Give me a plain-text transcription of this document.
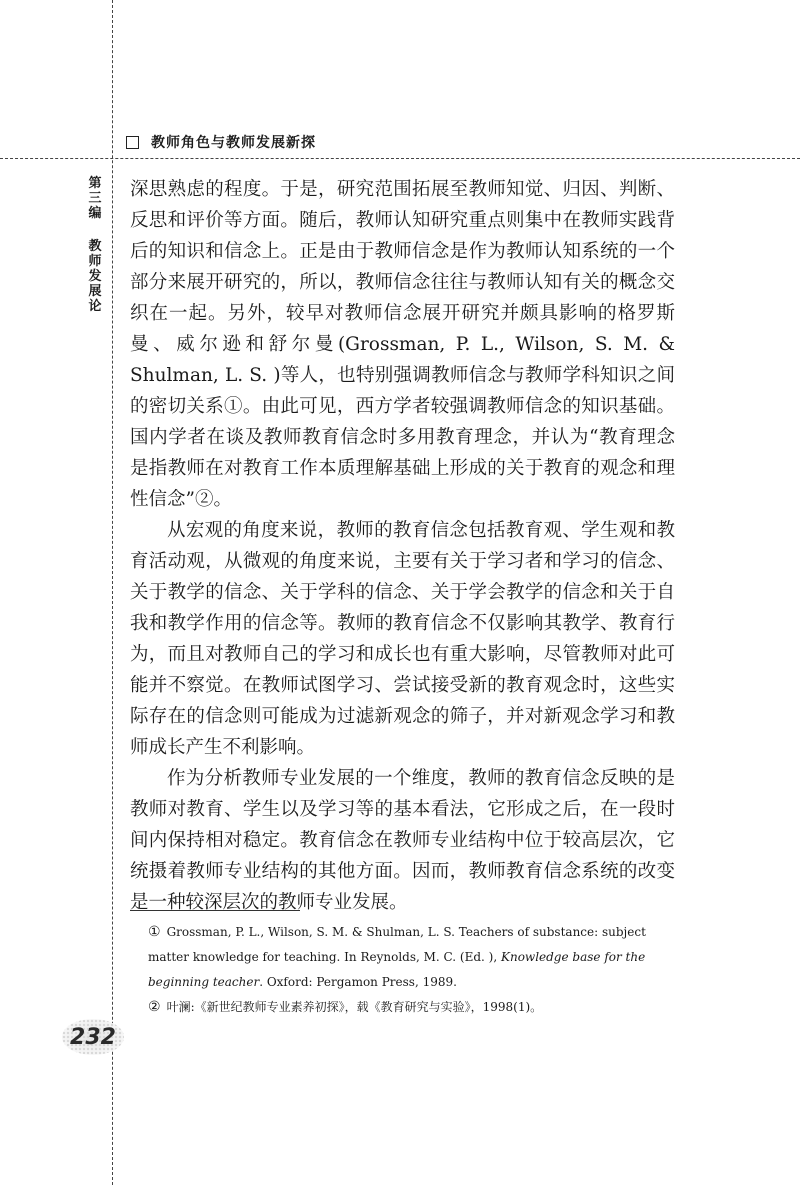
教师角色与教师发展新探
第三编
教师发展论

深思熟虑的程度。于是，研究范围拓展至教师知觉、归因、判断、反思和评价等方面。随后，教师认知研究重点则集中在教师实践背后的知识和信念上。正是由于教师信念是作为教师认知系统的一个部分来展开研究的，所以，教师信念往往与教师认知有关的概念交织在一起。另外，较早对教师信念展开研究并颇具影响的格罗斯曼、威尔逊和舒尔曼(Grossman, P. L., Wilson, S. M. & Shulman, L. S. )等人，也特别强调教师信念与教师学科知识之间的密切关系①。由此可见，西方学者较强调教师信念的知识基础。国内学者在谈及教师教育信念时多用教育理念，并认为“教育理念是指教师在对教育工作本质理解基础上形成的关于教育的观念和理性信念”②。

从宏观的角度来说，教师的教育信念包括教育观、学生观和教育活动观，从微观的角度来说，主要有关于学习者和学习的信念、关于教学的信念、关于学科的信念、关于学会教学的信念和关于自我和教学作用的信念等。教师的教育信念不仅影响其教学、教育行为，而且对教师自己的学习和成长也有重大影响，尽管教师对此可能并不察觉。在教师试图学习、尝试接受新的教育观念时，这些实际存在的信念则可能成为过滤新观念的筛子，并对新观念学习和教师成长产生不利影响。

作为分析教师专业发展的一个维度，教师的教育信念反映的是教师对教育、学生以及学习等的基本看法，它形成之后，在一段时间内保持相对稳定。教育信念在教师专业结构中位于较高层次，它统摄着教师专业结构的其他方面。因而，教师教育信念系统的改变是一种较深层次的教师专业发展。

① Grossman, P. L., Wilson, S. M. & Shulman, L. S. Teachers of substance: subject matter knowledge for teaching. In Reynolds, M. C. (Ed. ), Knowledge base for the beginning teacher. Oxford: Pergamon Press, 1989.

② 叶澜:《新世纪教师专业素养初探》，载《教育研究与实验》，1998(1)。

232
